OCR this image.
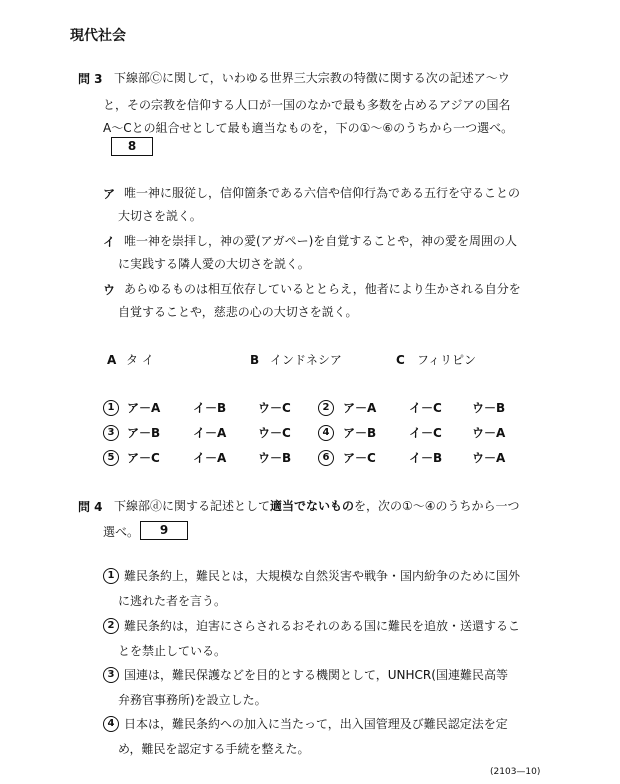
現代社会
問 3 下線部Ⓒに関して，いわゆる世界三大宗教の特徴に関する次の記述ア～ウ
と，その宗教を信仰する人口が一国のなかで最も多数を占めるアジアの国名
A～Cとの組合せとして最も適当なものを，下の①～⑥のうちから一つ選べ。
8
ア 唯一神に服従し，信仰箇条である六信や信仰行為である五行を守ることの
大切さを説く。
イ 唯一神を崇拝し，神の愛(アガペー)を自覚することや，神の愛を周囲の人
に実践する隣人愛の大切さを説く。
ウ あらゆるものは相互依存しているととらえ，他者により生かされる自分を
自覚することや，慈悲の心の大切さを説く。
A タ イ	B インドネシア	C フィリピン
1	ア－A	イ－B	ウ－C	2	ア－A	イ－C	ウ－B
3	ア－B	イ－A	ウ－C	4	ア－B	イ－C	ウ－A
5	ア－C	イ－A	ウ－B	6	ア－C	イ－B ウ－A
問 4 下線部ⓓに関する記述として適当でないものを，次の①～④のうちから一つ
選べ。	9
1 難民条約上，難民とは，大規模な自然災害や戦争・国内紛争のために国外
に逃れた者を言う。
2 難民条約は，迫害にさらされるおそれのある国に難民を追放・送還するこ
とを禁止している。
3 国連は，難民保護などを目的とする機関として，UNHCR(国連難民高等
弁務官事務所)を設立した。
4 日本は，難民条約への加入に当たって，出入国管理及び難民認定法を定
め，難民を認定する手続を整えた。
(2103—10)
